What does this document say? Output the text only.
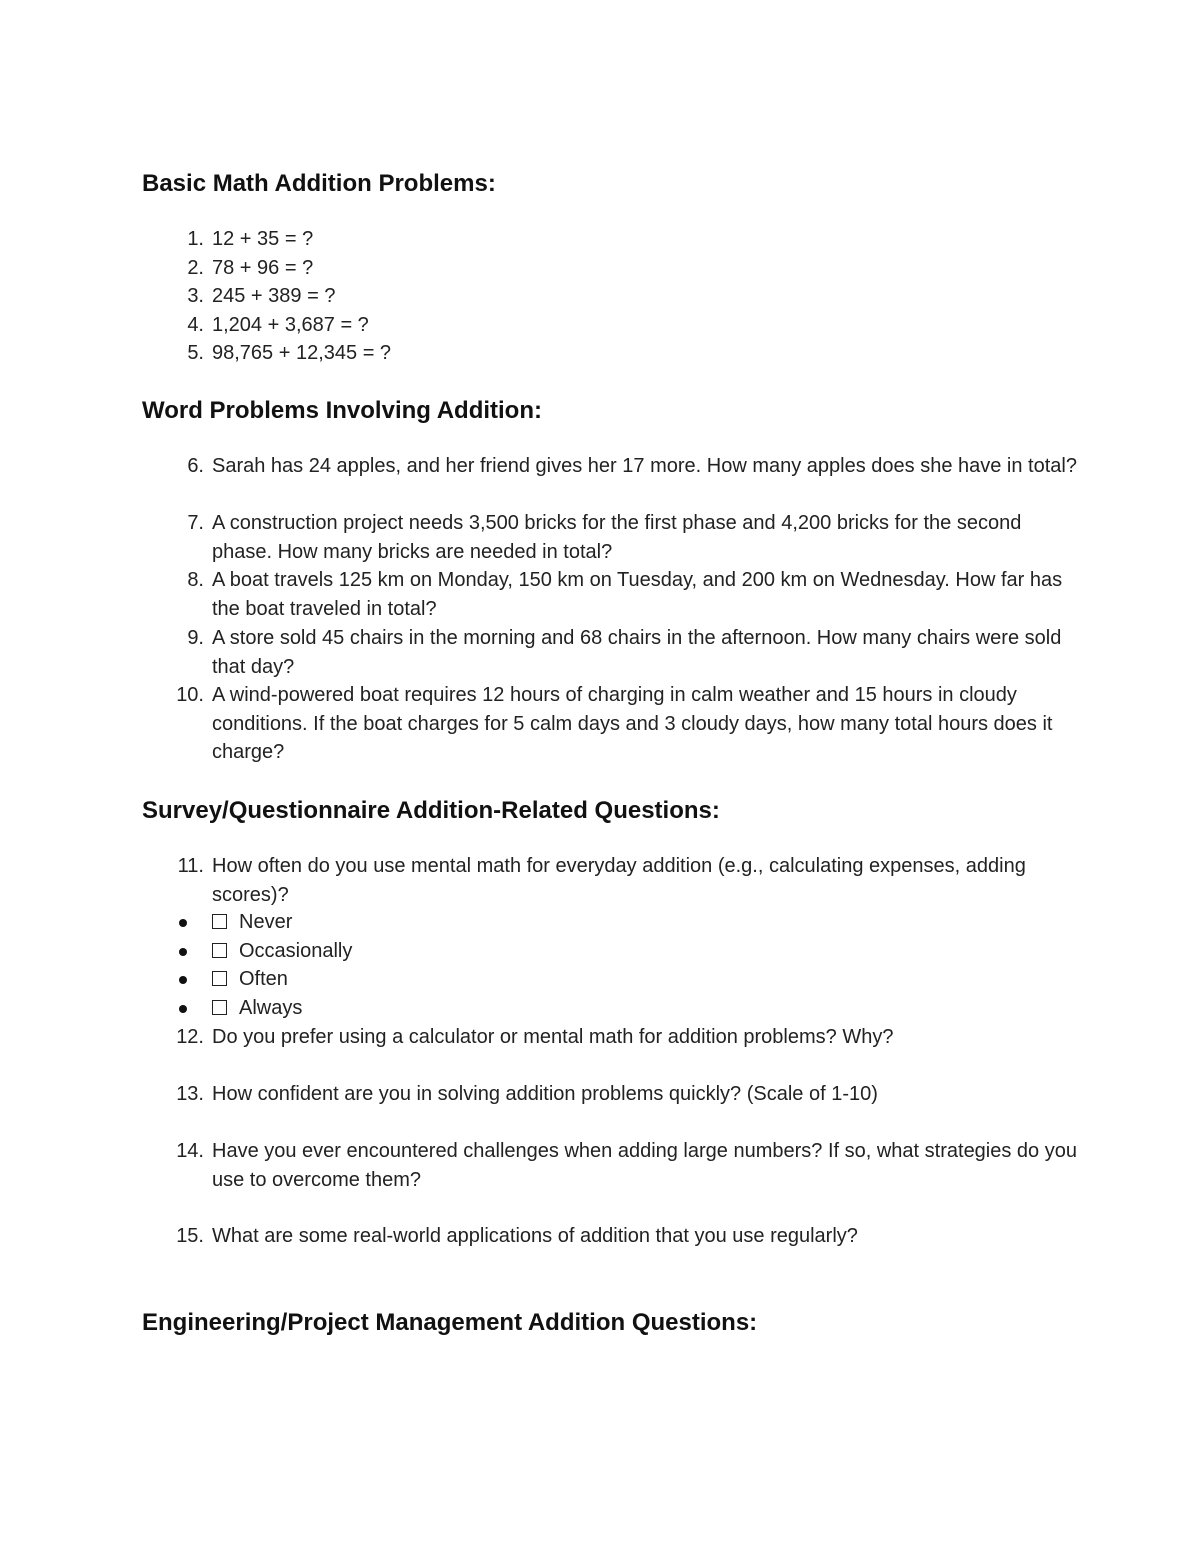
Basic Math Addition Problems:
1. 12 + 35 = ?
2. 78 + 96 = ?
3. 245 + 389 = ?
4. 1,204 + 3,687 = ?
5. 98,765 + 12,345 = ?
Word Problems Involving Addition:
6. Sarah has 24 apples, and her friend gives her 17 more. How many apples does she have in total?
7. A construction project needs 3,500 bricks for the first phase and 4,200 bricks for the second phase. How many bricks are needed in total?
8. A boat travels 125 km on Monday, 150 km on Tuesday, and 200 km on Wednesday. How far has the boat traveled in total?
9. A store sold 45 chairs in the morning and 68 chairs in the afternoon. How many chairs were sold that day?
10. A wind-powered boat requires 12 hours of charging in calm weather and 15 hours in cloudy conditions. If the boat charges for 5 calm days and 3 cloudy days, how many total hours does it charge?
Survey/Questionnaire Addition-Related Questions:
11. How often do you use mental math for everyday addition (e.g., calculating expenses, adding scores)?
Never
Occasionally
Often
Always
12. Do you prefer using a calculator or mental math for addition problems? Why?
13. How confident are you in solving addition problems quickly? (Scale of 1-10)
14. Have you ever encountered challenges when adding large numbers? If so, what strategies do you use to overcome them?
15. What are some real-world applications of addition that you use regularly?
Engineering/Project Management Addition Questions:
